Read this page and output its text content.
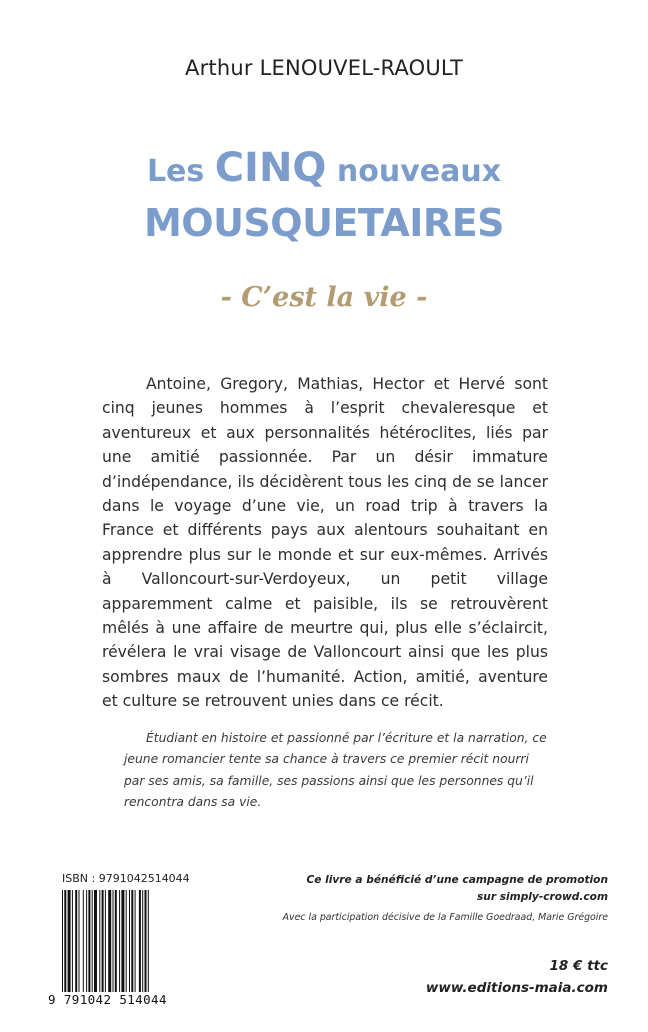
Arthur LENOUVEL-RAOULT
Les CINQ nouveaux
MOUSQUETAIRES
- C’est la vie -

Antoine, Gregory, Mathias, Hector et Hervé sont cinq jeunes hommes à l’esprit chevaleresque et aventureux et aux personnalités hétéroclites, liés par une amitié passionnée. Par un désir immature d’indépendance, ils décidèrent tous les cinq de se lancer dans le voyage d’une vie, un road trip à travers la France et différents pays aux alentours souhaitant en apprendre plus sur le monde et sur eux-mêmes. Arrivés à Valloncourt-sur-Verdoyeux, un petit village apparemment calme et paisible, ils se retrouvèrent mêlés à une affaire de meurtre qui, plus elle s’éclaircit, révélera le vrai visage de Valloncourt ainsi que les plus sombres maux de l’humanité. Action, amitié, aventure et culture se retrouvent unies dans ce récit.

Étudiant en histoire et passionné par l’écriture et la narration, ce jeune romancier tente sa chance à travers ce premier récit nourri par ses amis, sa famille, ses passions ainsi que les personnes qu’il rencontra dans sa vie.

ISBN : 9791042514044
9 791042 514044
Ce livre a bénéficié d’une campagne de promotion
sur simply-crowd.com
Avec la participation décisive de la Famille Goedraad, Marie Grégoire
18 € ttc
www.editions-maia.com
